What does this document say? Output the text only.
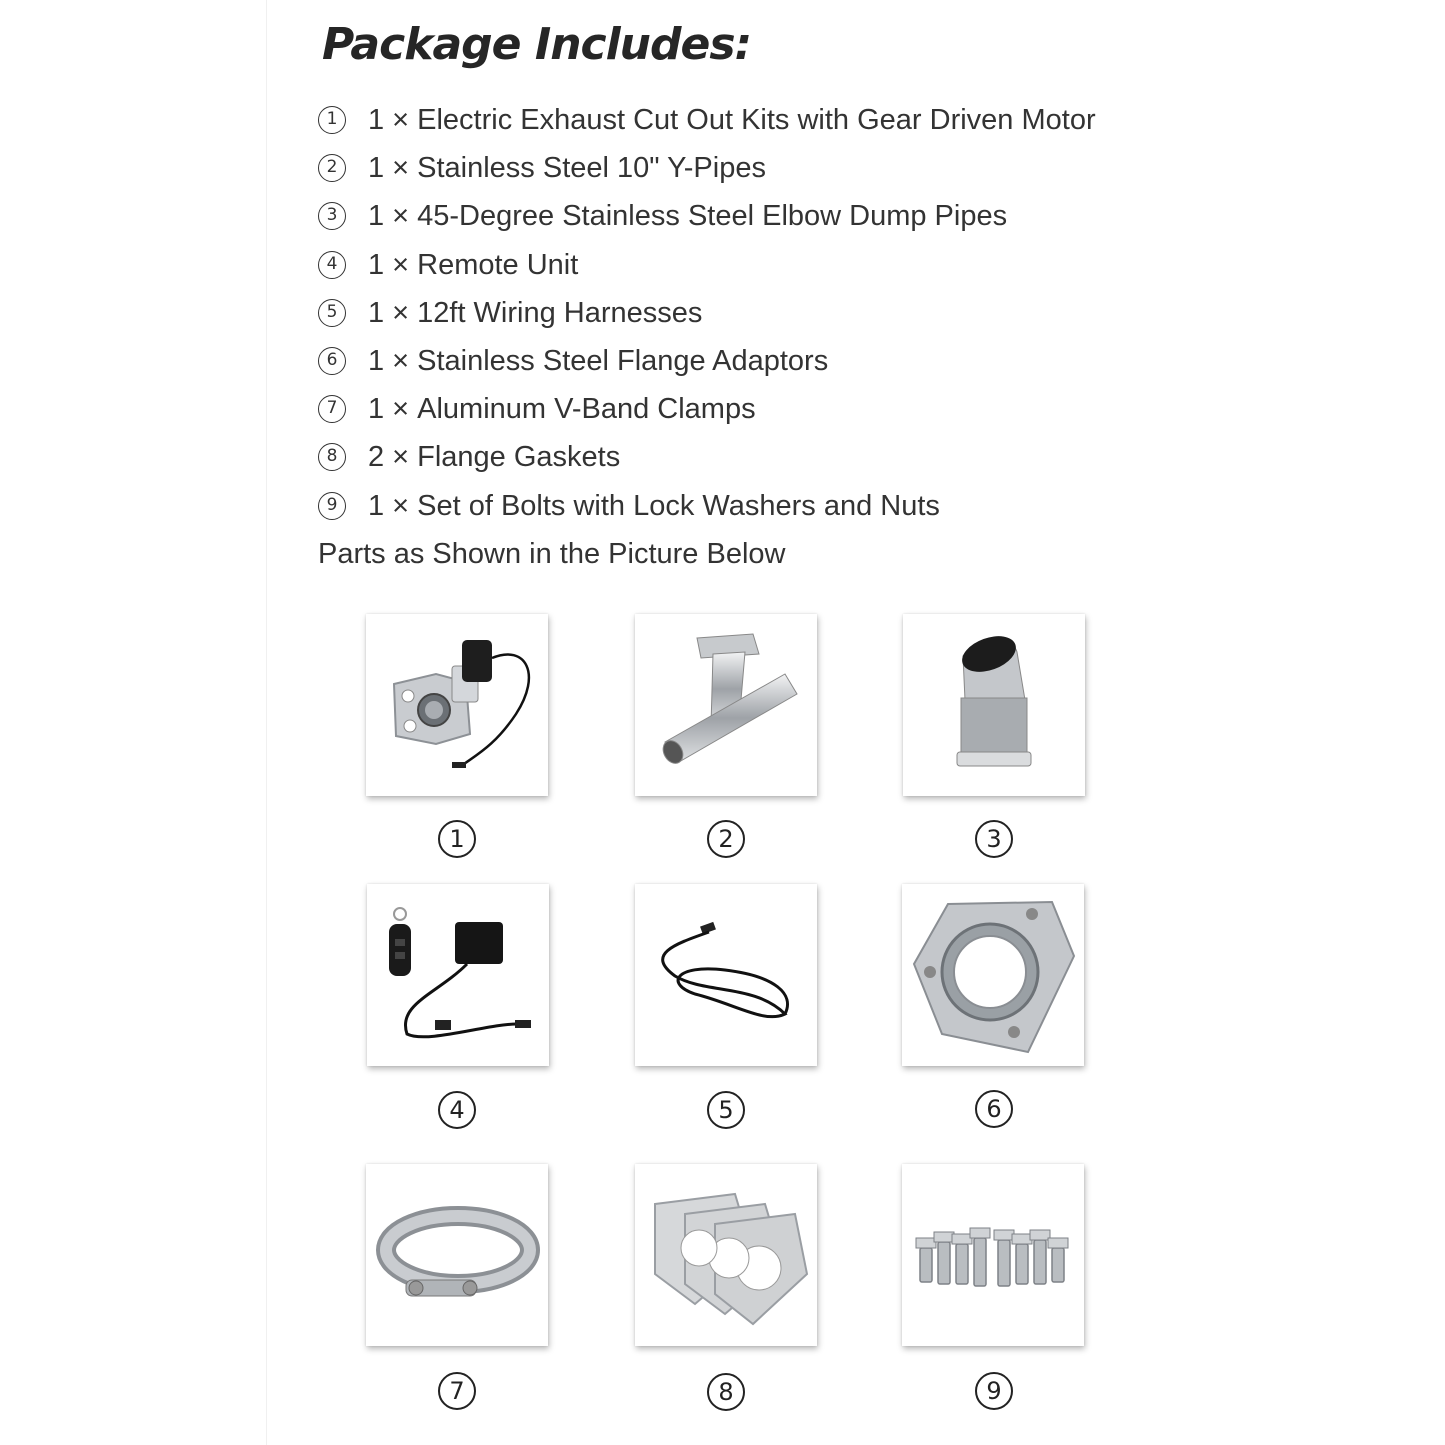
Package Includes:
1 1 × Electric Exhaust Cut Out Kits with Gear Driven Motor
2 1 × Stainless Steel 10" Y-Pipes
3 1 × 45-Degree Stainless Steel Elbow Dump Pipes
4 1 × Remote Unit
5 1 × 12ft Wiring Harnesses
6 1 × Stainless Steel Flange Adaptors
7 1 × Aluminum V-Band Clamps
8 2 × Flange Gaskets
9 1 × Set of Bolts with Lock Washers and Nuts
Parts as Shown in the Picture Below
1	2	3
4	5	6
7	8	9
